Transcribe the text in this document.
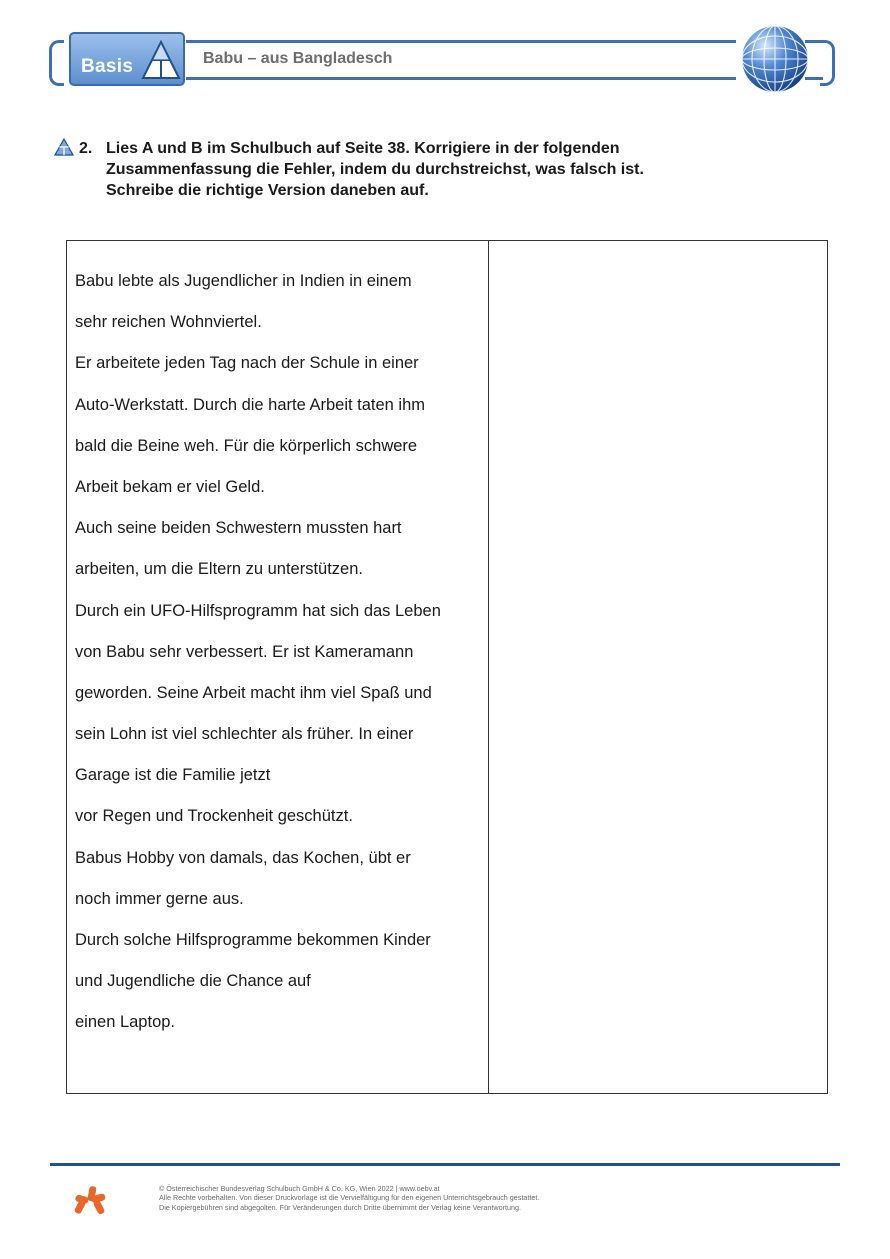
Basis	Babu – aus Bangladesch
2. Lies A und B im Schulbuch auf Seite 38. Korrigiere in der folgenden
Zusammenfassung die Fehler, indem du durchstreichst, was falsch ist.
Schreibe die richtige Version daneben auf.
Babu lebte als Jugendlicher in Indien in einem
sehr reichen Wohnviertel.
Er arbeitete jeden Tag nach der Schule in einer
Auto-Werkstatt. Durch die harte Arbeit taten ihm
bald die Beine weh. Für die körperlich schwere
Arbeit bekam er viel Geld.
Auch seine beiden Schwestern mussten hart
arbeiten, um die Eltern zu unterstützen.
Durch ein UFO-Hilfsprogramm hat sich das Leben
von Babu sehr verbessert. Er ist Kameramann
geworden. Seine Arbeit macht ihm viel Spaß und
sein Lohn ist viel schlechter als früher. In einer
Garage ist die Familie jetzt
vor Regen und Trockenheit geschützt.
Babus Hobby von damals, das Kochen, übt er
noch immer gerne aus.
Durch solche Hilfsprogramme bekommen Kinder
und Jugendliche die Chance auf
einen Laptop.
© Österreichischer Bundesverlag Schulbuch GmbH & Co. KG, Wien 2022 | www.oebv.at
Alle Rechte vorbehalten. Von dieser Druckvorlage ist die Vervielfältigung für den eigenen Unterrichtsgebrauch gestattet.
Die Kopiergebühren sind abgegolten. Für Veränderungen durch Dritte übernimmt der Verlag keine Verantwortung.
